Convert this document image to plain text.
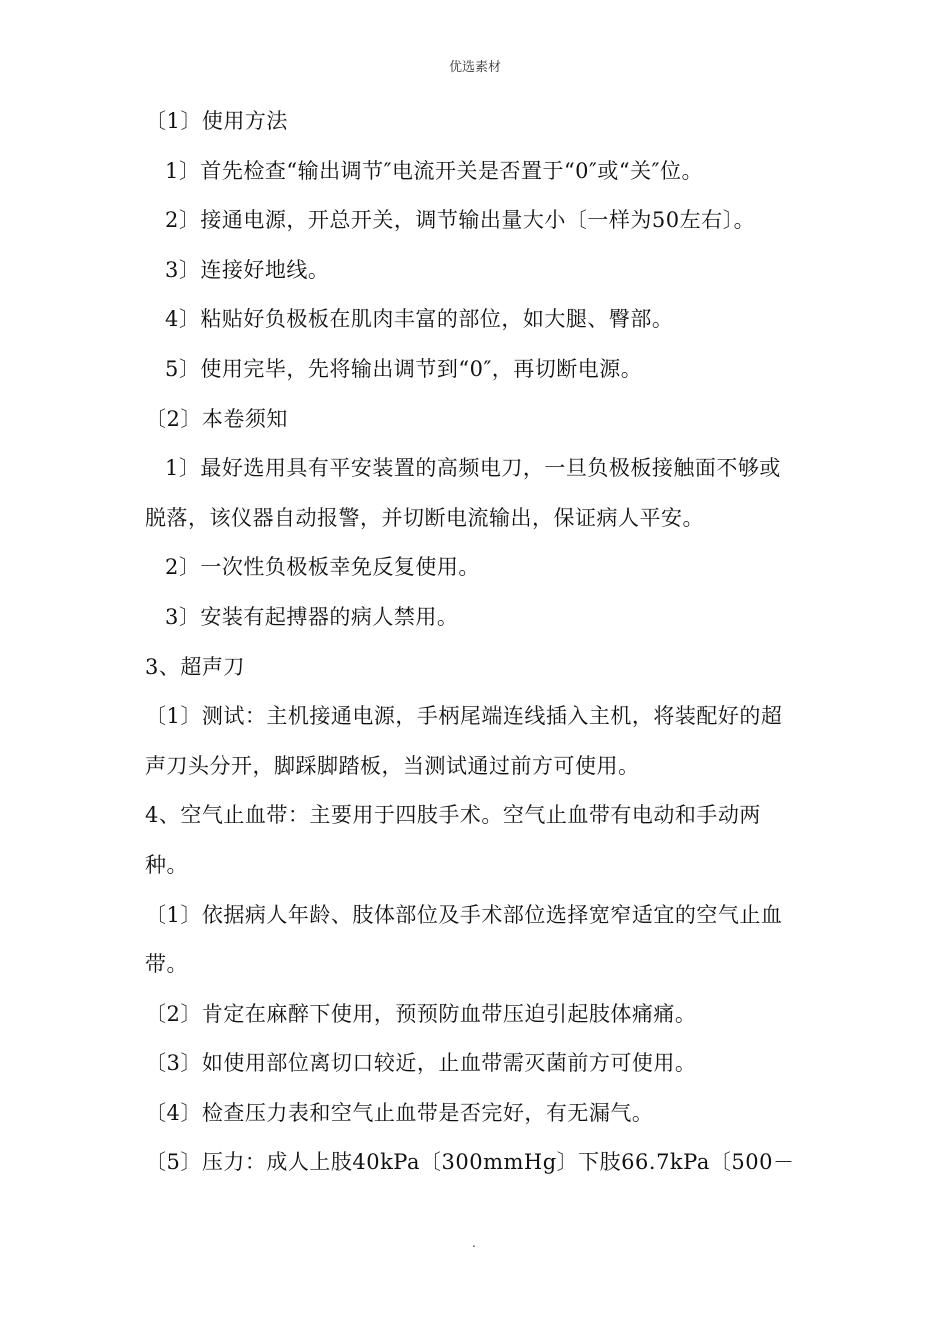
优选素材
〔1〕使用方法
1〕首先检查“输出调节″电流开关是否置于“0″或“关″位。
2〕接通电源，开总开关，调节输出量大小〔一样为50左右〕。
3〕连接好地线。
4〕粘贴好负极板在肌肉丰富的部位，如大腿、臀部。
5〕使用完毕，先将输出调节到“0″，再切断电源。
〔2〕本卷须知
1〕最好选用具有平安装置的高频电刀，一旦负极板接触面不够或
脱落，该仪器自动报警，并切断电流输出，保证病人平安。
2〕一次性负极板幸免反复使用。
3〕安装有起搏器的病人禁用。
3、超声刀
〔1〕测试：主机接通电源，手柄尾端连线插入主机，将装配好的超
声刀头分开，脚踩脚踏板，当测试通过前方可使用。
4、空气止血带：主要用于四肢手术。空气止血带有电动和手动两
种。
〔1〕依据病人年龄、肢体部位及手术部位选择宽窄适宜的空气止血
带。
〔2〕肯定在麻醉下使用，预预防血带压迫引起肢体痛痛。
〔3〕如使用部位离切口较近，止血带需灭菌前方可使用。
〔4〕检查压力表和空气止血带是否完好，有无漏气。
〔5〕压力：成人上肢40kPa〔300mmHg〕下肢66.7kPa〔500－
.
